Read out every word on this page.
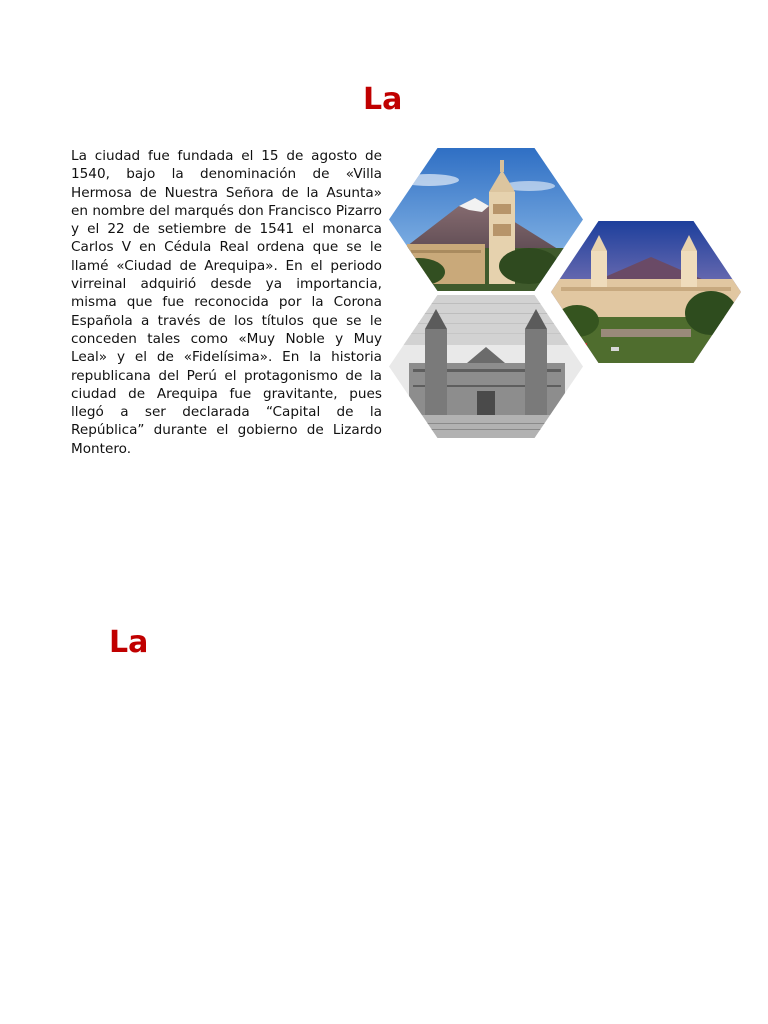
La

La ciudad fue fundada el 15 de agosto de 1540, bajo la denominación de «Villa Hermosa de Nuestra Señora de la Asunta» en nombre del marqués don Francisco Pizarro y el 22 de setiembre de 1541 el monarca Carlos V en Cédula Real ordena que se le llamé «Ciudad de Arequipa». En el periodo virreinal adquirió desde ya importancia, misma que fue reconocida por la Corona Española a través de los títulos que se le conceden tales como «Muy Noble y Muy Leal» y el de «Fidelísima». En la historia republicana del Perú el protagonismo de la ciudad de Arequipa fue gravitante, pues llegó a ser declarada “Capital de la República” durante el gobierno de Lizardo Montero.

La
